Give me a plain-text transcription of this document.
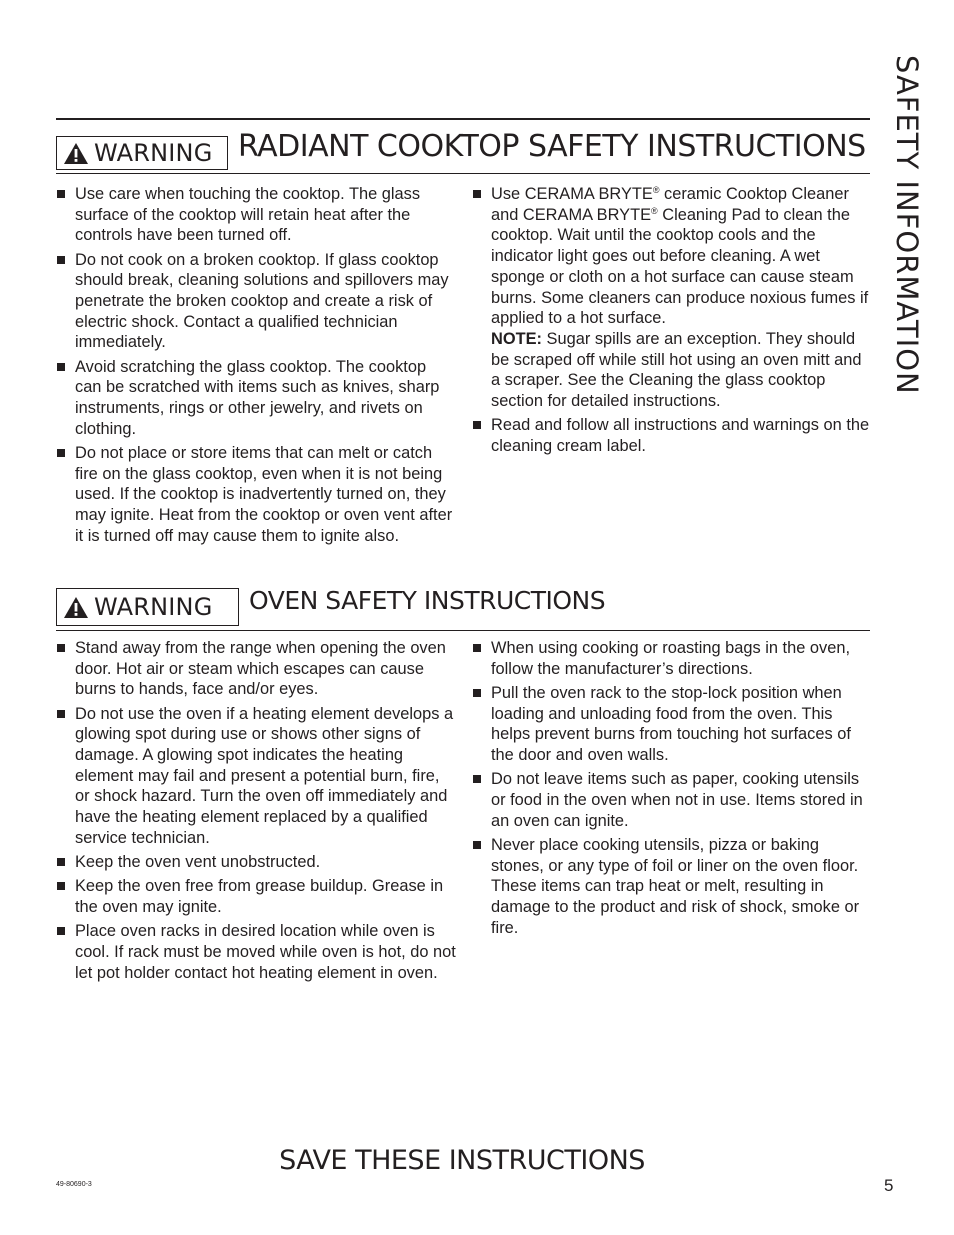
SAFETY INFORMATION
WARNING RADIANT COOKTOP SAFETY INSTRUCTIONS
Use care when touching the cooktop. The glass surface of the cooktop will retain heat after the controls have been turned off.
Do not cook on a broken cooktop. If glass cooktop should break, cleaning solutions and spillovers may penetrate the broken cooktop and create a risk of electric shock. Contact a qualified technician immediately.
Avoid scratching the glass cooktop. The cooktop can be scratched with items such as knives, sharp instruments, rings or other jewelry, and rivets on clothing.
Do not place or store items that can melt or catch fire on the glass cooktop, even when it is not being used. If the cooktop is inadvertently turned on, they may ignite. Heat from the cooktop or oven vent after it is turned off may cause them to ignite also.
Use CERAMA BRYTE® ceramic Cooktop Cleaner and CERAMA BRYTE® Cleaning Pad to clean the cooktop. Wait until the cooktop cools and the indicator light goes out before cleaning. A wet sponge or cloth on a hot surface can cause steam burns. Some cleaners can produce noxious fumes if applied to a hot surface.
NOTE: Sugar spills are an exception. They should be scraped off while still hot using an oven mitt and a scraper. See the Cleaning the glass cooktop section for detailed instructions.
Read and follow all instructions and warnings on the cleaning cream label.
WARNING OVEN SAFETY INSTRUCTIONS
Stand away from the range when opening the oven door. Hot air or steam which escapes can cause burns to hands, face and/or eyes.
Do not use the oven if a heating element develops a glowing spot during use or shows other signs of damage. A glowing spot indicates the heating element may fail and present a potential burn, fire, or shock hazard. Turn the oven off immediately and have the heating element replaced by a qualified service technician.
Keep the oven vent unobstructed.
Keep the oven free from grease buildup. Grease in the oven may ignite.
Place oven racks in desired location while oven is cool. If rack must be moved while oven is hot, do not let pot holder contact hot heating element in oven.
When using cooking or roasting bags in the oven, follow the manufacturer’s directions.
Pull the oven rack to the stop-lock position when loading and unloading food from the oven. This helps prevent burns from touching hot surfaces of the door and oven walls.
Do not leave items such as paper, cooking utensils or food in the oven when not in use. Items stored in an oven can ignite.
Never place cooking utensils, pizza or baking stones, or any type of foil or liner on the oven floor. These items can trap heat or melt, resulting in damage to the product and risk of shock, smoke or fire.
SAVE THESE INSTRUCTIONS
49-80690-3	5
